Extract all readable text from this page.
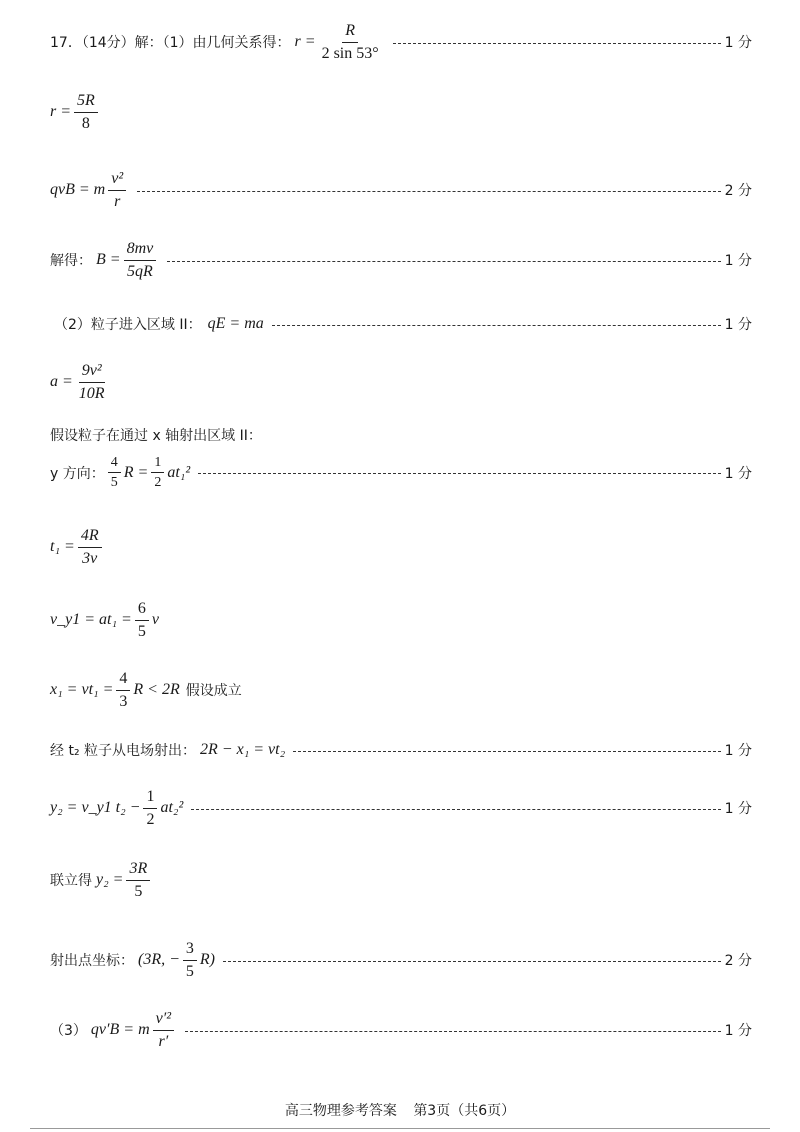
17．（14分）解：（1）由几何关系得： $r = \frac{R}{2 \sin 53^\circ}$	1 分
$r = \frac{5R}{8}$
qvB = m $\frac{\text{v²}}{r}$	2 分
解得： $B = \frac{8mv}{5qR}$	1 分
（2）粒子进入区域 II： qE = ma	1 分
$a = \frac{\text{9v²}}{10R}$
假设粒子在通过 x 轴射出区域 II：
y 方向： $\frac{4}{5}$ $R = \frac{1}{2} at_1^2$	1 分
$t_1 = \frac{4R}{3v}$
v_y1 = $at_1 = \frac{6}{5}$ v
$x_1 = vt_1 = \frac{4}{3}$ R < 2R 假设成立
经 t₂ 粒子从电场射出： 2R − x₁ = vt₂	1 分
y₂ = v_y1 $t_2 - \frac{1}{2} at_2^2$	1 分
联立得 $y_2 = \frac{3R}{5}$
射出点坐标： (3R, − $\frac{3}{5} R$)	2 分
（3） qv′B = m $\frac{\text{v′²}}{r'}$	1 分
高三物理参考答案 第3页（共6页）
